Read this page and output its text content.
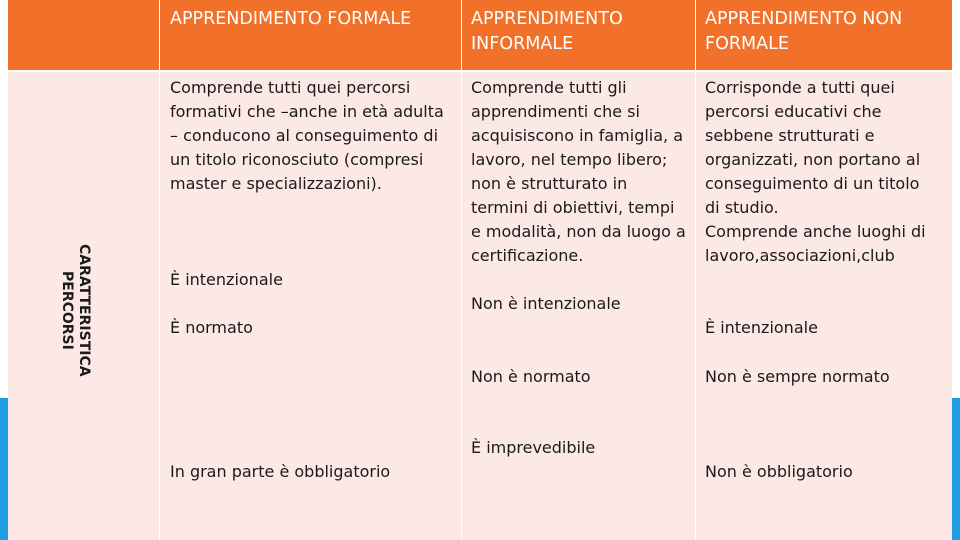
APPRENDIMENTO FORMALE	APPRENDIMENTO
INFORMALE
APPRENDIMENTO NON
FORMALE
CARATTERISTICA
PERCORSI
Comprende tutti quei percorsi
formativi che –anche in età adulta
– conducono al conseguimento di
un titolo riconosciuto (compresi
master e specializzazioni).
È intenzionale
È normato
In gran parte è obbligatorio
Comprende tutti gli
apprendimenti che si
acquisiscono in famiglia, a
lavoro, nel tempo libero;
non è strutturato in
termini di obiettivi, tempi
e modalità, non da luogo a
certificazione.
Non è intenzionale
Non è normato
È imprevedibile
Corrisponde a tutti quei
percorsi educativi che
sebbene strutturati e
organizzati, non portano al
conseguimento di un titolo
di studio.
Comprende anche luoghi di
lavoro,associazioni,club
È intenzionale
Non è sempre normato
Non è obbligatorio
